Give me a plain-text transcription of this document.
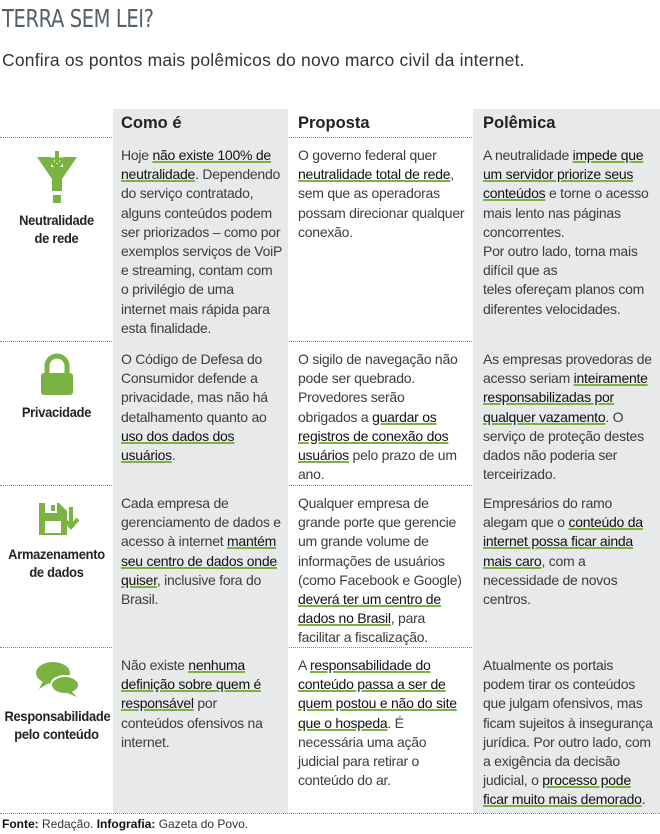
TERRA SEM LEI?
Confira os pontos mais polêmicos do novo marco civil da internet.
Como é	Proposta	Polêmica
Hoje não existe 100% de neutralidade. Dependendo do serviço contratado, alguns conteúdos podem ser priorizados – como por exemplos serviços de VoiP e streaming, contam com o privilégio de uma internet mais rápida para esta finalidade.
O governo federal quer neutralidade total de rede, sem que as operadoras possam direcionar qualquer conexão.
A neutralidade impede que um servidor priorize seus conteúdos e torne o acesso mais lento nas páginas concorrentes.
Por outro lado, torna mais difícil que as
teles ofereçam planos com diferentes velocidades.
Neutralidade
de rede
O Código de Defesa do Consumidor defende a privacidade, mas não há detalhamento quanto ao uso dos dados dos usuários.
O sigilo de navegação não pode ser quebrado. Provedores serão obrigados a guardar os registros de conexão dos usuários pelo prazo de um ano.
As empresas provedoras de acesso seriam inteiramente responsabilizadas por qualquer vazamento. O serviço de proteção destes dados não poderia ser terceirizado.
Privacidade
Cada empresa de gerenciamento de dados e acesso à internet mantém seu centro de dados onde quiser, inclusive fora do Brasil.
Qualquer empresa de grande porte que gerencie um grande volume de informações de usuários (como Facebook e Google) deverá ter um centro de dados no Brasil, para facilitar a fiscalização.
Empresários do ramo alegam que o conteúdo da internet possa ficar ainda mais caro, com a necessidade de novos centros.
Armazenamento
de dados
Não existe nenhuma definição sobre quem é responsável por conteúdos ofensivos na internet.
A responsabilidade do conteúdo passa a ser de quem postou e não do site que o hospeda. É necessária uma ação judicial para retirar o conteúdo do ar.
Atualmente os portais podem tirar os conteúdos que julgam ofensivos, mas ficam sujeitos à insegurança jurídica. Por outro lado, com a exigência da decisão judicial, o processo pode ficar muito mais demorado.
Responsabilidade
pelo conteúdo
Fonte: Redação. Infografia: Gazeta do Povo.
